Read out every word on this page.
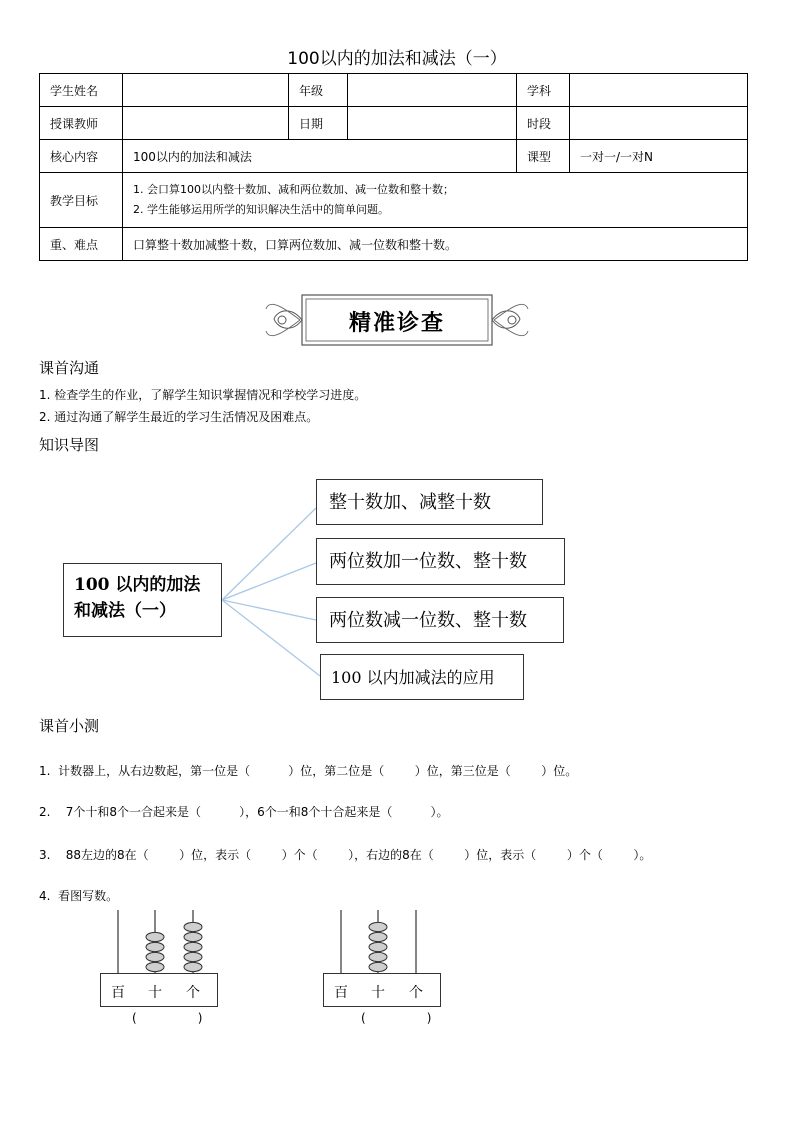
100以内的加法和减法（一）
学生姓名		年级		学科	
授课教师		日期		时段	
核心内容	100以内的加法和减法			课型	一对一/一对N
教学目标	1. 会口算100以内整十数加、减和两位数加、减一位数和整十数；
2. 学生能够运用所学的知识解决生活中的简单问题。				

重、难点	口算整十数加减整十数，口算两位数加、减一位数和整十数。				
精准诊查
课首沟通
1. 检查学生的作业，了解学生知识掌握情况和学校学习进度。
2. 通过沟通了解学生最近的学习生活情况及困难点。
知识导图
100 以内的加法
和减法（一）
整十数加、减整十数
两位数加一位数、整十数
两位数减一位数、整十数
100 以内加减法的应用
课首小测
1.  计数器上，从右边数起，第一位是（          ）位，第二位是（        ）位，第三位是（        ）位。
2.    7个十和8个一合起来是（          ），6个一和8个十合起来是（          ）。
3.    88左边的8在（        ）位，表示（        ）个（        ），右边的8在（        ）位，表示（        ）个（        ）。
4.  看图写数。
百 十 个
(                )
百 十 个
(                )
